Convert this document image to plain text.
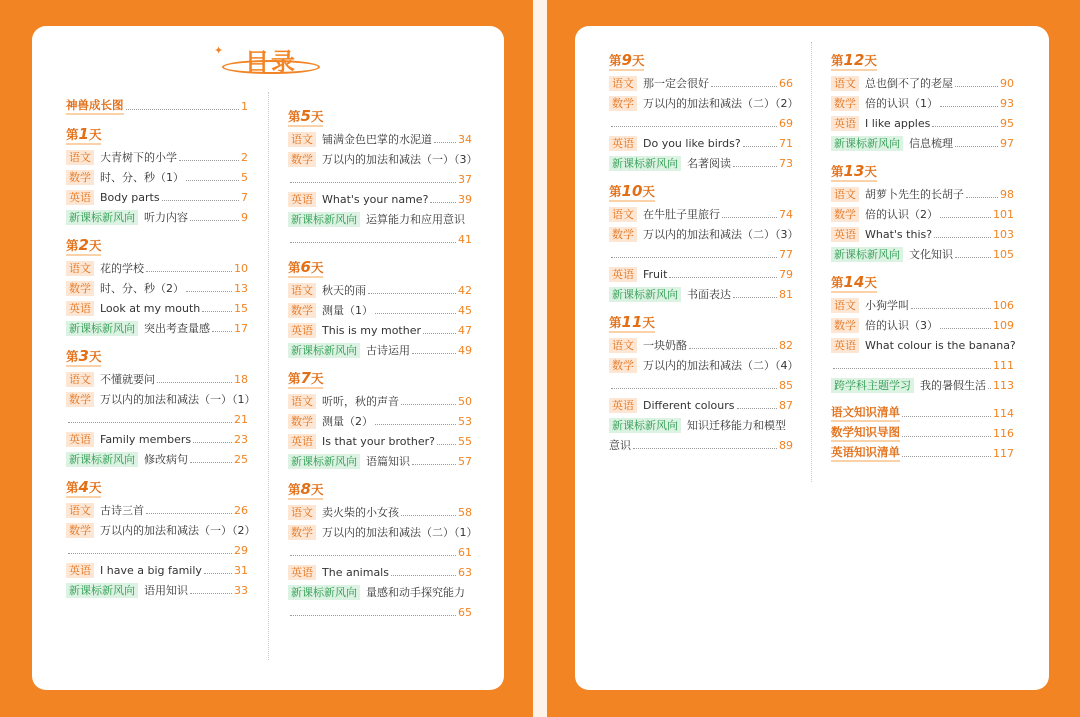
✦ 目录
神兽成长图	1
第1天
语文 大青树下的小学	2
数学 时、分、秒（1）	5
英语 Body parts	7
新课标新风向 听力内容	9
第2天
语文 花的学校	10
数学 时、分、秒（2）	13
英语 Look at my mouth	15
新课标新风向 突出考查量感 17
第3天
语文 不懂就要问	18
数学 万以内的加法和减法（一）（1）
21
英语 Family members	23
新课标新风向 修改病句	25
第4天
语文 古诗三首	26
数学 万以内的加法和减法（一）（2）
29
英语 I have a big family	31
新课标新风向 语用知识	33
第5天
语文 铺满金色巴掌的水泥道 34
数学 万以内的加法和减法（一）（3）
37
英语 What's your name?	39
新课标新风向 运算能力和应用意识
41
第6天
语文 秋天的雨	42
数学 测量（1）	45
英语 This is my mother	47
新课标新风向 古诗运用	49
第7天
语文 听听，秋的声音	50
数学 测量（2）	53
英语 Is that your brother? 55
新课标新风向 语篇知识	57
第8天
语文 卖火柴的小女孩	58
数学 万以内的加法和减法（二）（1）
61
英语 The animals	63
新课标新风向 量感和动手探究能力
65
第9天
语文 那一定会很好	66
数学 万以内的加法和减法（二）（2）
69
英语 Do you like birds?	71
新课标新风向 名著阅读	73
第10天
语文 在牛肚子里旅行	74
数学 万以内的加法和减法（二）（3）
77
英语 Fruit	79
新课标新风向 书面表达	81
第11天
语文 一块奶酪	82
数学 万以内的加法和减法（二）（4）
85
英语 Different colours	87
新课标新风向 知识迁移能力和模型
意识	89
第12天
语文 总也倒不了的老屋	90
数学 倍的认识（1）	93
英语 I like apples	95
新课标新风向 信息梳理	97
第13天
语文 胡萝卜先生的长胡子	98
数学 倍的认识（2）	101
英语 What's this?	103
新课标新风向 文化知识	105
第14天
语文 小狗学叫	106
数学 倍的认识（3）	109
英语 What colour is the banana?
111
跨学科主题学习 我的暑假生活 113
语文知识清单	114
数学知识导图	116
英语知识清单	117
